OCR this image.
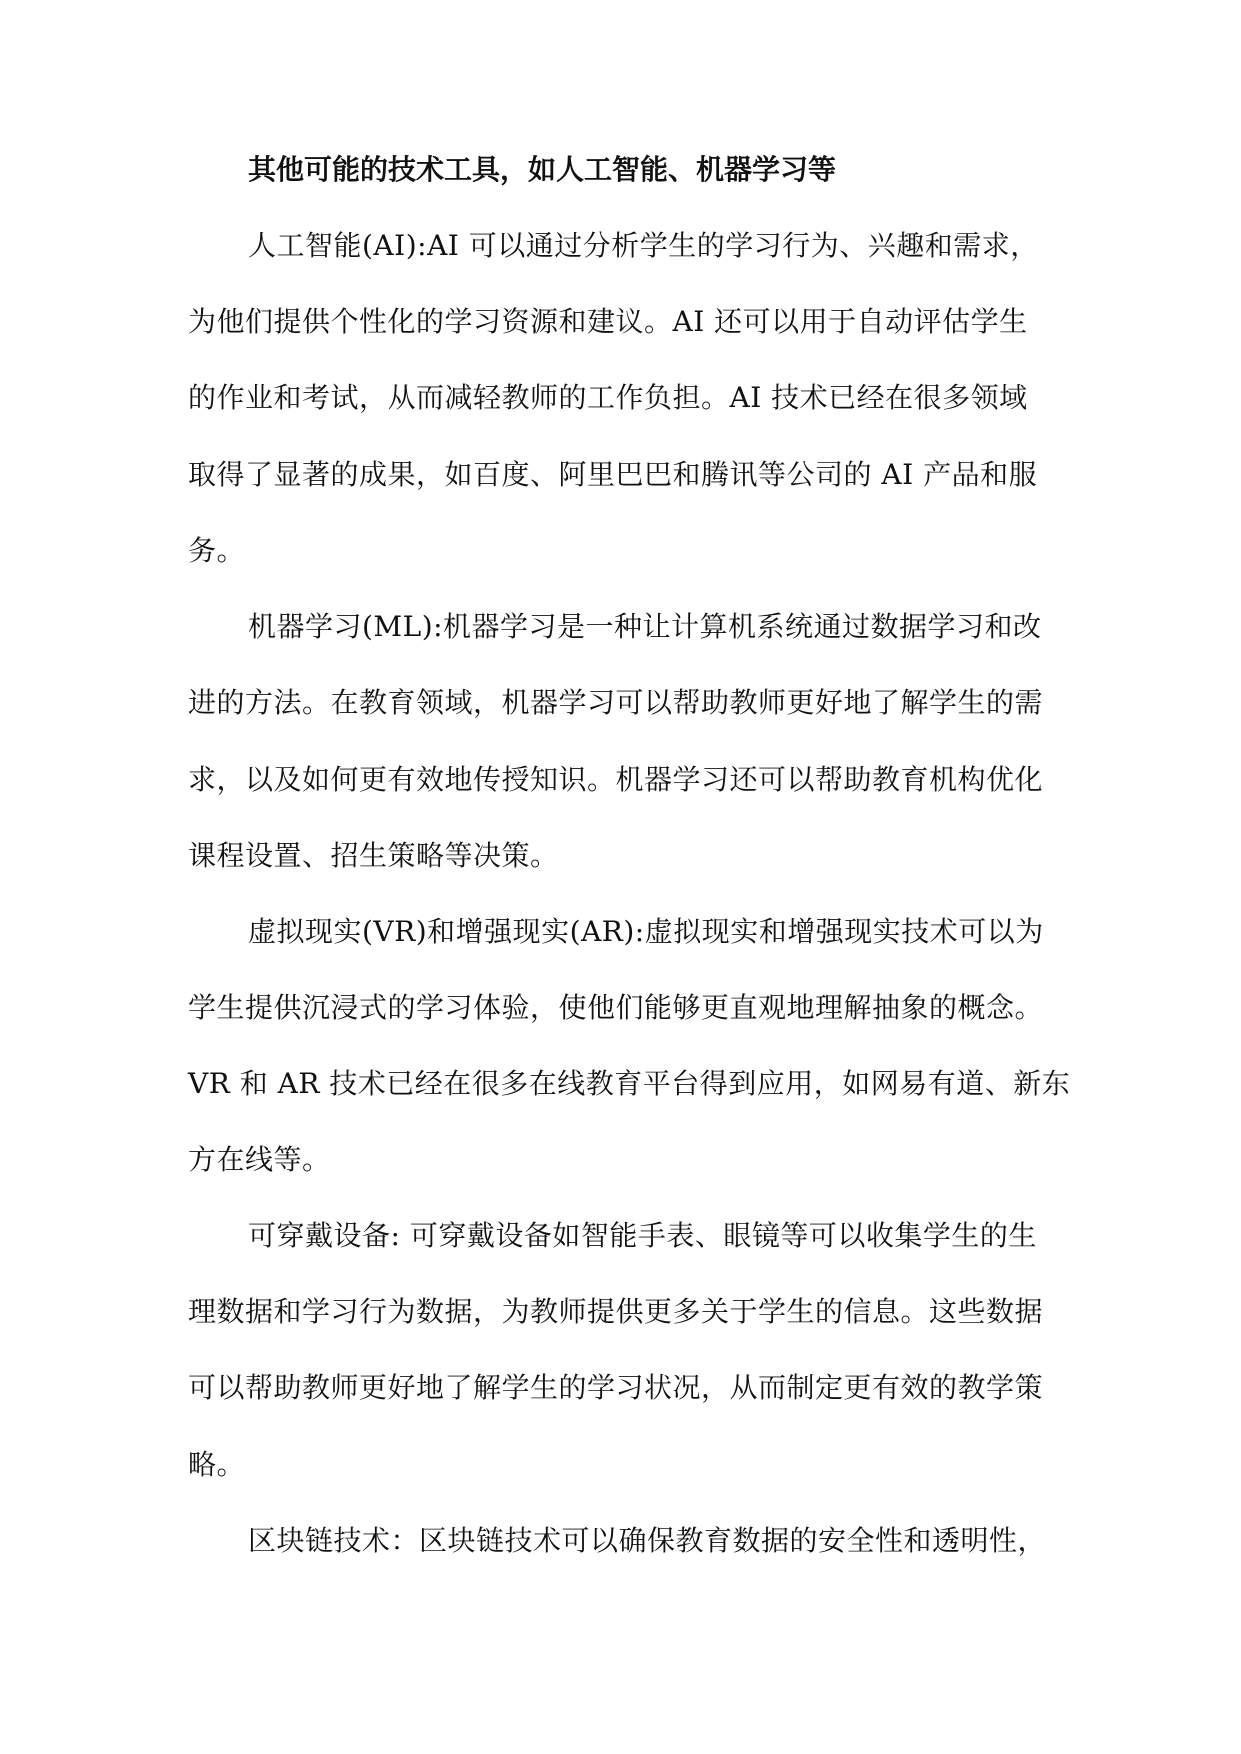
其他可能的技术工具，如人工智能、机器学习等
人工智能(AI):AI 可以通过分析学生的学习行为、兴趣和需求，
为他们提供个性化的学习资源和建议。AI 还可以用于自动评估学生
的作业和考试，从而减轻教师的工作负担。AI 技术已经在很多领域
取得了显著的成果，如百度、阿里巴巴和腾讯等公司的 AI 产品和服
务。
机器学习(ML):机器学习是一种让计算机系统通过数据学习和改
进的方法。在教育领域，机器学习可以帮助教师更好地了解学生的需
求，以及如何更有效地传授知识。机器学习还可以帮助教育机构优化
课程设置、招生策略等决策。
虚拟现实(VR)和增强现实(AR):虚拟现实和增强现实技术可以为
学生提供沉浸式的学习体验，使他们能够更直观地理解抽象的概念。
VR 和 AR 技术已经在很多在线教育平台得到应用，如网易有道、新东
方在线等。
可穿戴设备: 可穿戴设备如智能手表、眼镜等可以收集学生的生
理数据和学习行为数据，为教师提供更多关于学生的信息。这些数据
可以帮助教师更好地了解学生的学习状况，从而制定更有效的教学策
略。
区块链技术：区块链技术可以确保教育数据的安全性和透明性，
